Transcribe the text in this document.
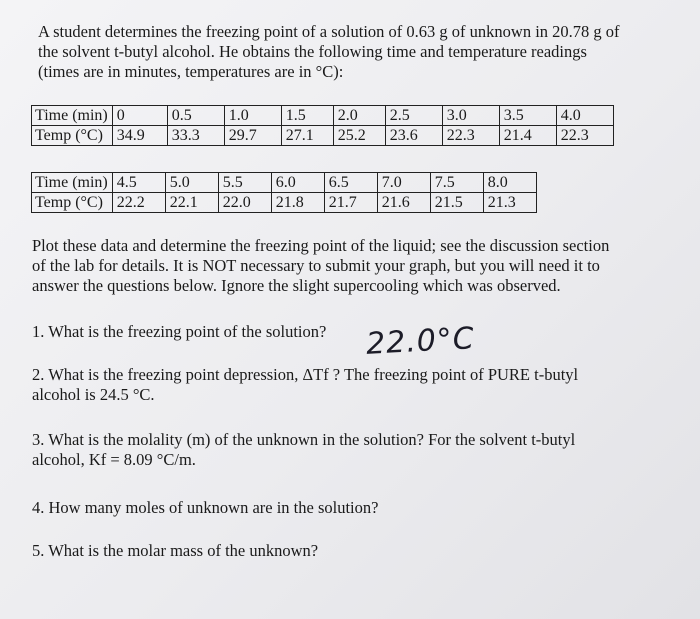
A student determines the freezing point of a solution of 0.63 g of unknown in 20.78 g of
the solvent t-butyl alcohol. He obtains the following time and temperature readings
(times are in minutes, temperatures are in °C):
Time (min)	0	0.5	1.0	1.5	2.0	2.5	3.0	3.5	4.0
Temp (°C)	34.9	33.3	29.7	27.1	25.2	23.6	22.3	21.4	22.3
Time (min)	4.5	5.0	5.5	6.0	6.5	7.0	7.5	8.0
Temp (°C)	22.2	22.1	22.0	21.8	21.7	21.6	21.5	21.3
Plot these data and determine the freezing point of the liquid; see the discussion section
of the lab for details. It is NOT necessary to submit your graph, but you will need it to
answer the questions below. Ignore the slight supercooling which was observed.
1. What is the freezing point of the solution?	22.0°C
2. What is the freezing point depression, ΔTf ? The freezing point of PURE t-butyl
alcohol is 24.5 °C.
3. What is the molality (m) of the unknown in the solution? For the solvent t-butyl
alcohol, Kf = 8.09 °C/m.
4. How many moles of unknown are in the solution?
5. What is the molar mass of the unknown?
